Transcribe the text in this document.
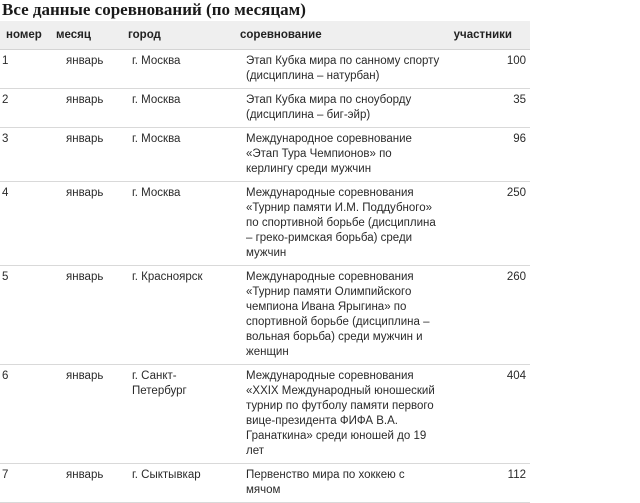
Все данные соревнований (по месяцам)
номер	месяц	город	соревнование	участники
1	январь	г. Москва	Этап Кубка мира по санному спорту (дисциплина – натурбан)	100
2	январь	г. Москва	Этап Кубка мира по сноуборду (дисциплина – биг-эйр)	35
3	январь	г. Москва	Международное соревнование «Этап Тура Чемпионов» по керлингу среди мужчин	96
4	январь	г. Москва	Международные соревнования «Турнир памяти И.М. Поддубного» по спортивной борьбе (дисциплина – греко-римская борьба) среди мужчин	250
5	январь	г. Красноярск	Международные соревнования «Турнир памяти Олимпийского чемпиона Ивана Ярыгина» по спортивной борьбе (дисциплина – вольная борьба) среди мужчин и женщин	260
6	январь	г. Санкт-Петербург	Международные соревнования «XXIX Международный юношеский турнир по футболу памяти первого вице-президента ФИФА В.А. Гранаткина» среди юношей до 19 лет	404
7	январь	г. Сыктывкар	Первенство мира по хоккею с мячом	112
